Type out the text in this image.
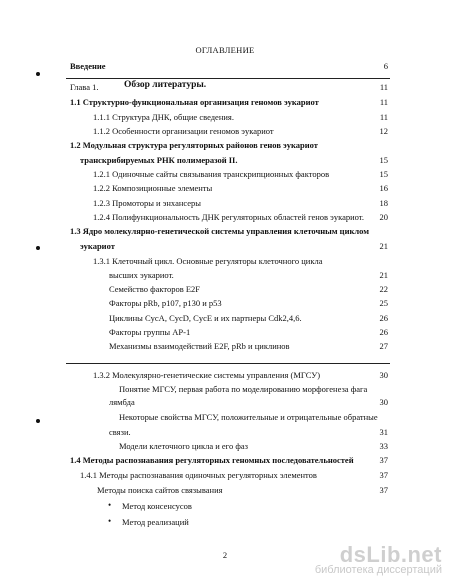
ОГЛАВЛЕНИЕ
Введение	6
Глава 1.	Обзор литературы.	11
1.1 Структурно-функциональная организация геномов эукариот	11
1.1.1 Структура ДНК, общие сведения.	11
1.1.2 Особенности организации геномов эукариот	12
1.2 Модульная структура регуляторных районов генов эукариот
транскрибируемых РНК полимеразой II.	15
1.2.1 Одиночные сайты связывания транскрипционных факторов	15
1.2.2 Композиционные элементы	16
1.2.3 Промоторы и энхансеры	18
1.2.4 Полифункциональность ДНК регуляторных областей генов эукариот.	20
1.3 Ядро молекулярно-генетической системы управления клеточным циклом
эукариот	21
1.3.1 Клеточный цикл. Основные регуляторы клеточного цикла
высших эукариот.	21
Семейство факторов E2F	22
Факторы pRb, p107, p130 и p53	25
Циклины CycA, CycD, CycE и их партнеры Cdk2,4,6.	26
Факторы группы AP-1	26
Механизмы взаимодействий E2F, pRb и циклинов	27
1.3.2 Молекулярно-генетические системы управления (МГСУ)	30
Понятие МГСУ, первая работа по моделированию морфогенеза фага
лямбда	30
Некоторые свойства МГСУ, положительные и отрицательные обратные
связи.	31
Модели клеточного цикла и его фаз	33
1.4 Методы распознавания регуляторных геномных последовательностей	37
1.4.1 Методы распознавания одиночных регуляторных элементов	37
Методы поиска сайтов связывания	37
• Метод консенсусов
• Метод реализаций
2	dsLib.net
библиотека диссертаций
